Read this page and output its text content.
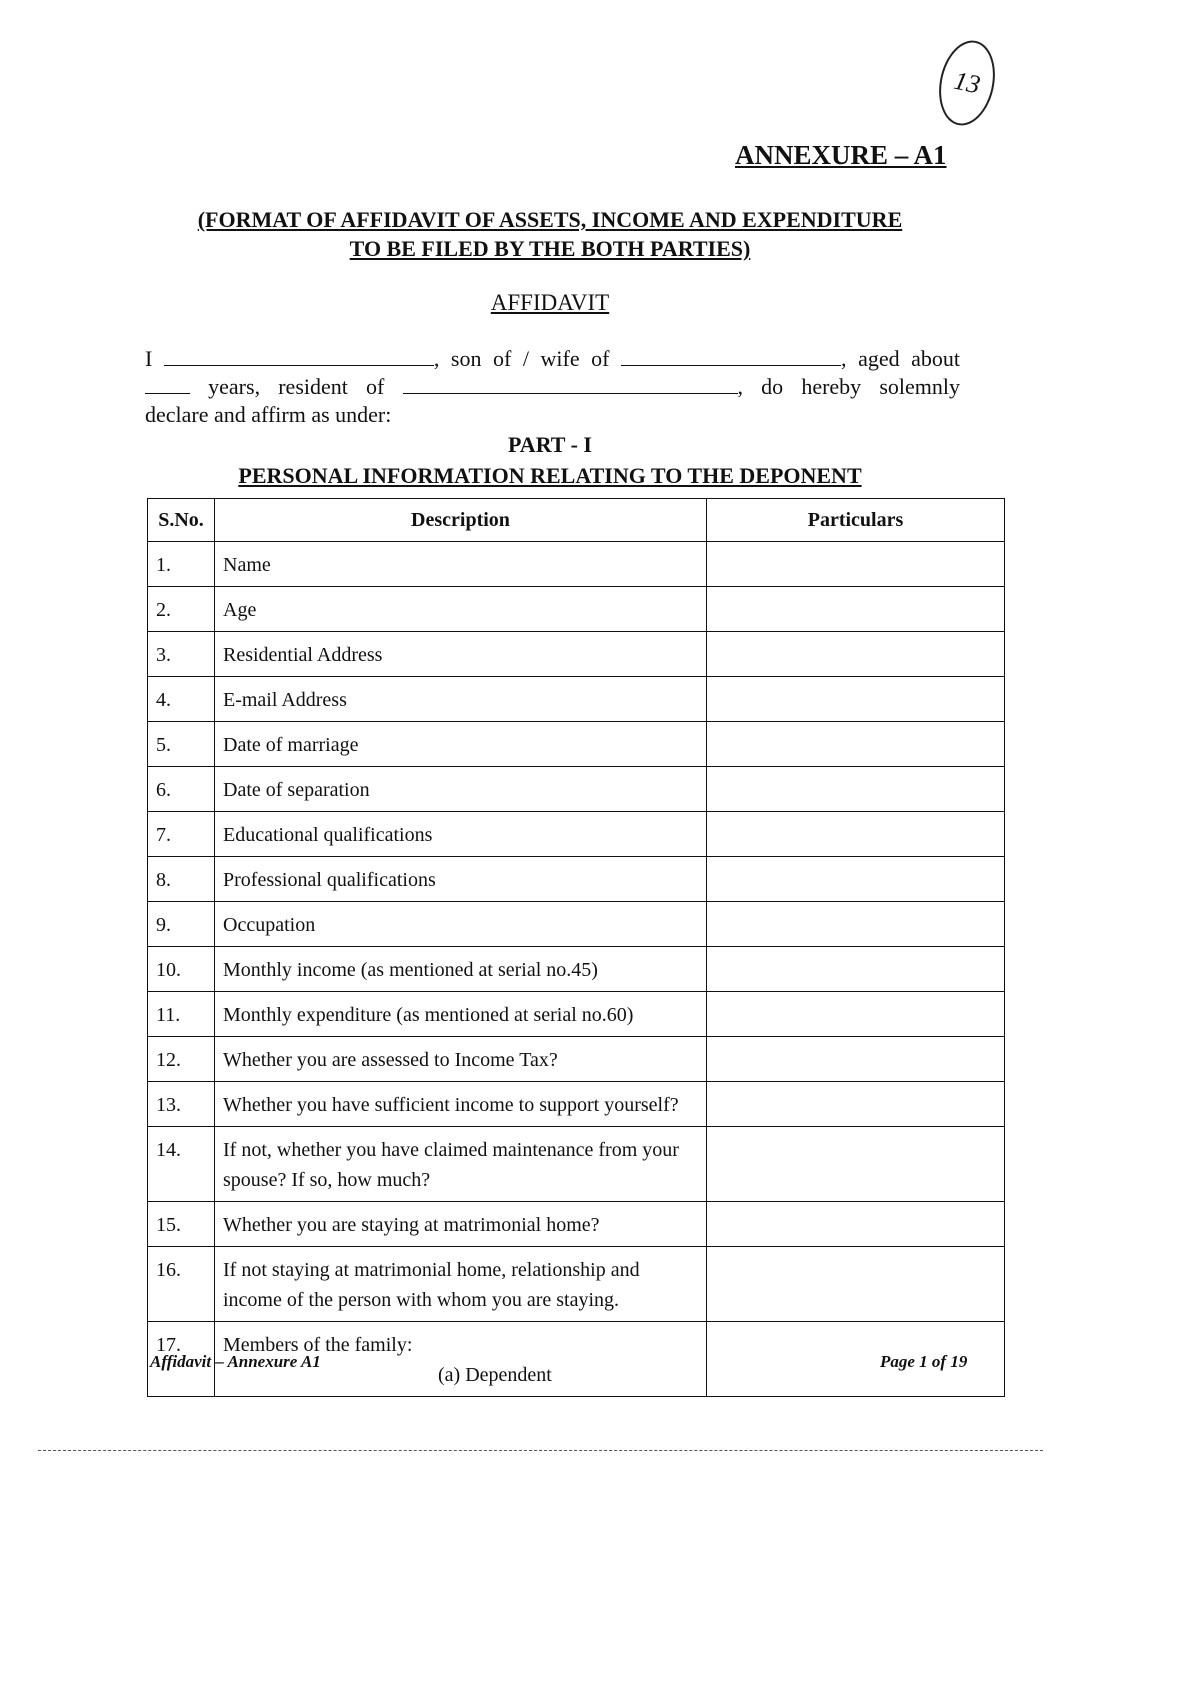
13
ANNEXURE – A1
(FORMAT OF AFFIDAVIT OF ASSETS, INCOME AND EXPENDITURE
TO BE FILED BY THE BOTH PARTIES)
AFFIDAVIT
I	, son of / wife of	, aged about
years, resident of	, do hereby solemnly
declare and affirm as under:
PART - I
PERSONAL INFORMATION RELATING TO THE DEPONENT
S.No.	Description	Particulars
1.	Name	
2.	Age	
3.	Residential Address	
4.	E-mail Address	
5.	Date of marriage	
6.	Date of separation	
7.	Educational qualifications	
8.	Professional qualifications	
9.	Occupation	
10.	Monthly income (as mentioned at serial no.45)	
11.	Monthly expenditure (as mentioned at serial no.60)	
12.	Whether you are assessed to Income Tax?	
13.	Whether you have sufficient income to support yourself?	
14.	If not, whether you have claimed maintenance from your spouse? If so, how much?	
15.	Whether you are staying at matrimonial home?	
16.	If not staying at matrimonial home, relationship and income of the person with whom you are staying.	
17.	Members of the family:
(a) Dependent	

Affidavit – Annexure A1	Page 1 of 19
